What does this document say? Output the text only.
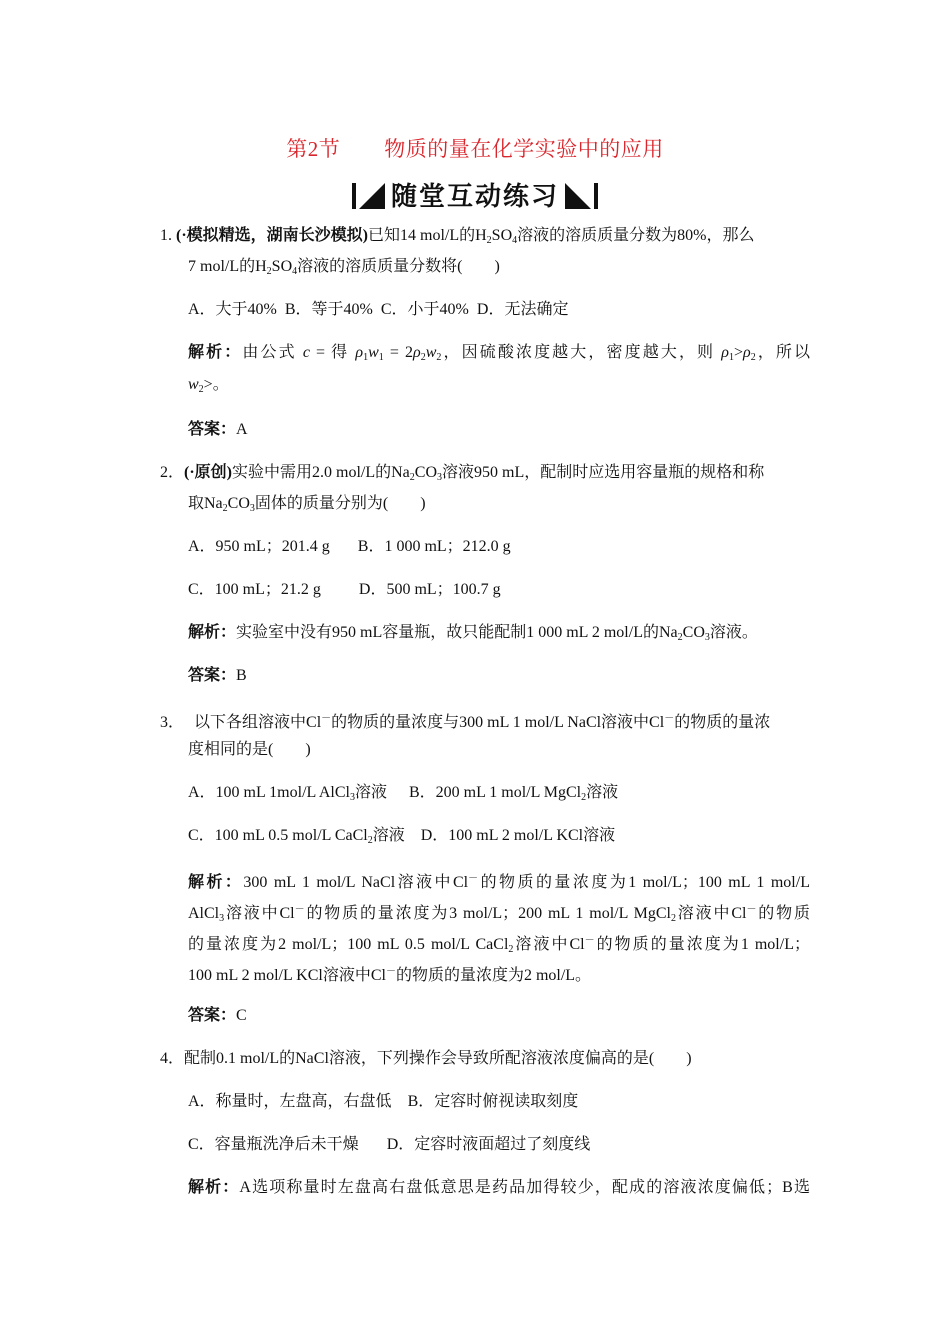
第2节 物质的量在化学实验中的应用
随堂互动练习
1. (·模拟精选，湖南长沙模拟)已知14 mol/L的$H_2SO_4$溶液的溶质质量分数为80%，那么
7 mol/L的$H_2SO_4$溶液的溶质质量分数将(　　)
A．大于40%  B．等于40%  C．小于40%  D．无法确定
解析：由公式 c = 得 $\rho_1w_1 = 2\rho_2w_2$，因硫酸浓度越大，密度越大，则 $\rho_1>\rho_2$，所以
$w_2>$。
答案：A
2．(·原创)实验中需用2.0 mol/L的$Na_2CO_3$溶液950 mL，配制时应选用容量瓶的规格和称
取$Na_2CO_3$固体的质量分别为(　　)
A．950 mL；201.4 g B．1 000 mL；212.0 g
C．100 mL；21.2 g D．500 mL；100.7 g
解析：实验室中没有950 mL容量瓶，故只能配制1 000 mL 2 mol/L的$Na_2CO_3$溶液。
答案：B
3． 以下各组溶液中Cl－的物质的量浓度与300 mL 1 mol/L NaCl溶液中Cl－的物质的量浓
度相同的是(　　)
A．100 mL 1mol/L AlCl$_3$溶液 B．200 mL 1 mol/L MgCl$_2$溶液
C．100 mL 0.5 mol/L CaCl$_2$溶液 D．100 mL 2 mol/L KCl溶液
解析：300 mL 1 mol/L NaCl溶液中Cl－的物质的量浓度为1 mol/L；100 mL 1 mol/L
AlCl$_3$溶液中Cl－的物质的量浓度为3 mol/L；200 mL 1 mol/L MgCl$_2$溶液中Cl－的物质
的量浓度为2 mol/L；100 mL 0.5 mol/L CaCl$_2$溶液中Cl－的物质的量浓度为1 mol/L；
100 mL 2 mol/L KCl溶液中Cl－的物质的量浓度为2 mol/L。
答案：C
4．配制0.1 mol/L的NaCl溶液，下列操作会导致所配溶液浓度偏高的是(　　)
A．称量时，左盘高，右盘低 B．定容时俯视读取刻度
C．容量瓶洗净后未干燥 D．定容时液面超过了刻度线
解析：A选项称量时左盘高右盘低意思是药品加得较少，配成的溶液浓度偏低；B选
